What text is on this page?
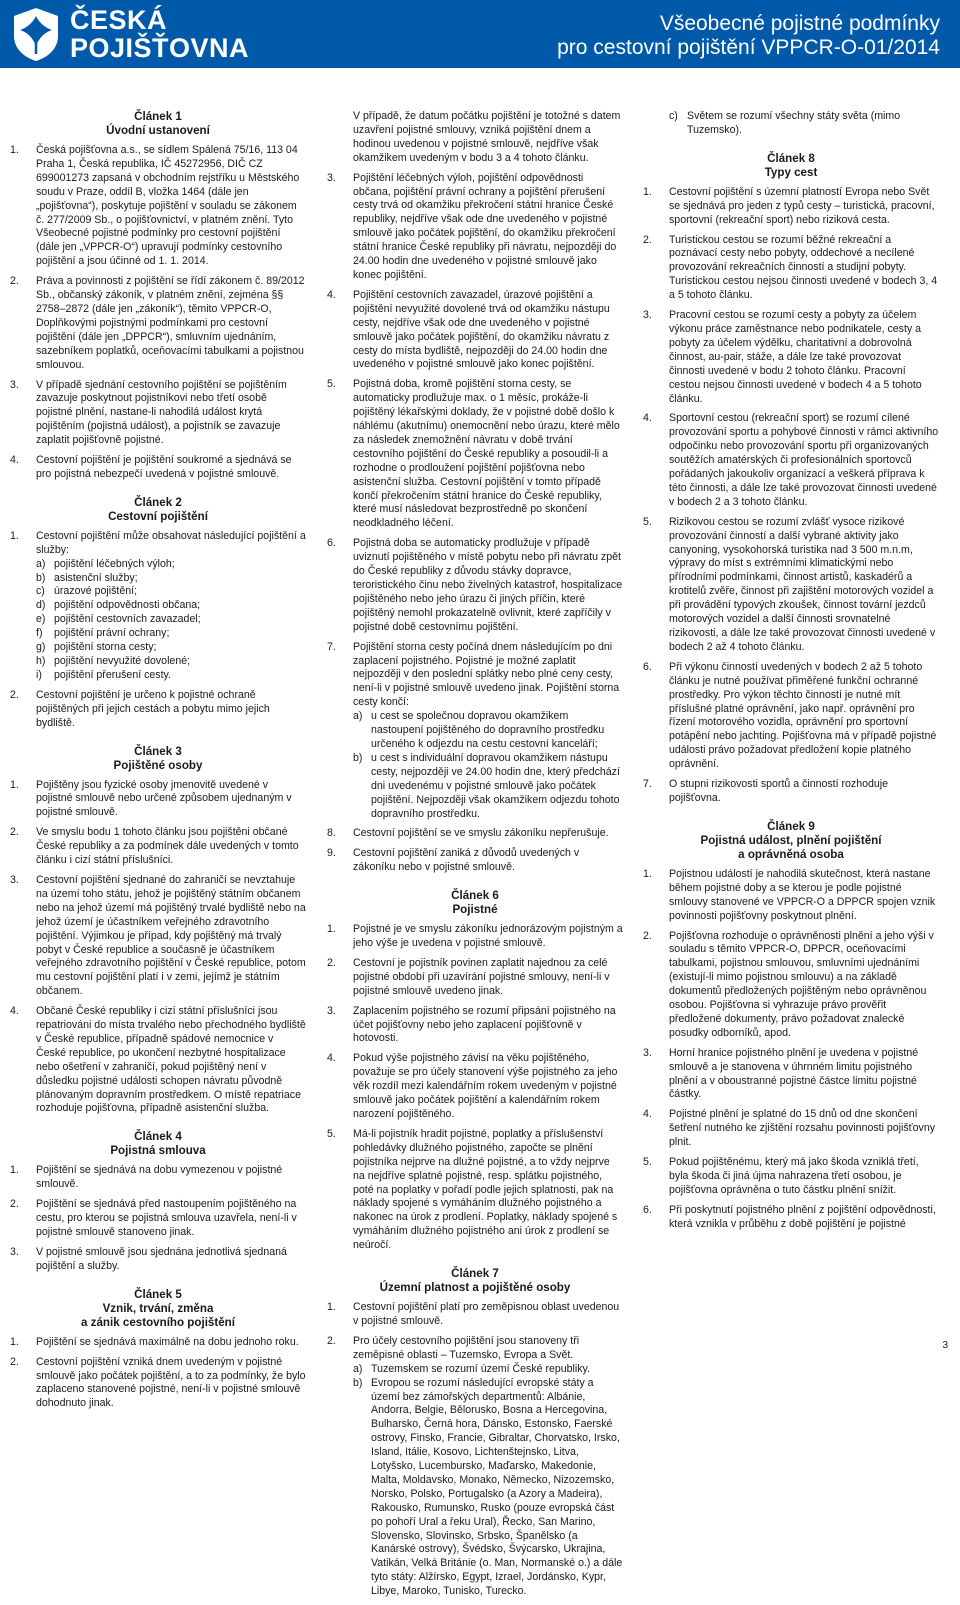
ČESKÁ
POJIŠŤOVNA
Všeobecné pojistné podmínky
pro cestovní pojištění VPPCR-O-01/2014
Článek 1
Úvodní ustanovení
1. Česká pojišťovna a.s., se sídlem Spálená 75/16, 113 04 Praha 1, Česká republika, IČ 45272956, DIČ CZ 699001273 zapsaná v obchodním rejstříku u Městského soudu v Praze, oddíl B, vložka 1464 (dále jen „pojišťovna“), poskytuje pojištění v souladu se zákonem č. 277/2009 Sb., o pojišťovnictví, v platném znění. Tyto Všeobecné pojistné podmínky pro cestovní pojištění (dále jen „VPPCR-O“) upravují podmínky cestovního pojištění a jsou účinné od 1. 1. 2014.
2. Práva a povinnosti z pojištění se řídí zákonem č. 89/2012 Sb., občanský zákoník, v platném znění, zejména §§ 2758–2872 (dále jen „zákoník“), těmito VPPCR-O, Doplňkovými pojistnými podmínkami pro cestovní pojištění (dále jen „DPPCR“), smluvním ujednáním, sazebníkem poplatků, oceňovacími tabulkami a pojistnou smlouvou.
3. V případě sjednání cestovního pojištění se pojištěním zavazuje poskytnout pojistníkovi nebo třetí osobě pojistné plnění, nastane-li nahodilá událost krytá pojištěním (pojistná událost), a pojistník se zavazuje zaplatit pojišťovně pojistné.
4. Cestovní pojištění je pojištění soukromé a sjednává se pro pojistná nebezpečí uvedená v pojistné smlouvě.
Článek 2
Cestovní pojištění
1. Cestovní pojištění může obsahovat následující pojištění a služby:
a) pojištění léčebných výloh;
b) asistenční služby;
c) úrazové pojištění;
d) pojištění odpovědnosti občana;
e) pojištění cestovních zavazadel;
f) pojištění právní ochrany;
g) pojištění storna cesty;
h) pojištění nevyužité dovolené;
i) pojištění přerušení cesty.
2. Cestovní pojištění je určeno k pojistné ochraně pojištěných při jejich cestách a pobytu mimo jejich bydliště.
Článek 3
Pojištěné osoby
1. Pojištěny jsou fyzické osoby jmenovitě uvedené v pojistné smlouvě nebo určené způsobem ujednaným v pojistné smlouvě.
2. Ve smyslu bodu 1 tohoto článku jsou pojištěni občané České republiky a za podmínek dále uvedených v tomto článku i cizí státní příslušníci.
3. Cestovní pojištění sjednané do zahraničí se nevztahuje na území toho státu, jehož je pojištěný státním občanem nebo na jehož území má pojištěný trvalé bydliště nebo na jehož území je účastníkem veřejného zdravotního pojištění. Výjimkou je případ, kdy pojištěný má trvalý pobyt v České republice a současně je účastníkem veřejného zdravotního pojištění v České republice, potom mu cestovní pojištění platí i v zemi, jejímž je státním občanem.
4. Občané České republiky i cizí státní příslušníci jsou repatriováni do místa trvalého nebo přechodného bydliště v České republice, případně spádové nemocnice v České republice, po ukončení nezbytné hospitalizace nebo ošetření v zahraničí, pokud pojištěný není v důsledku pojistné události schopen návratu původně plánovaným dopravním prostředkem. O místě repatriace rozhoduje pojišťovna, případně asistenční služba.
Článek 4
Pojistná smlouva
1. Pojištění se sjednává na dobu vymezenou v pojistné smlouvě.
2. Pojištění se sjednává před nastoupením pojištěného na cestu, pro kterou se pojistná smlouva uzavřela, není-li v pojistné smlouvě stanoveno jinak.
3. V pojistné smlouvě jsou sjednána jednotlivá sjednaná pojištění a služby.
Článek 5
Vznik, trvání, změna
a zánik cestovního pojištění
1. Pojištění se sjednává maximálně na dobu jednoho roku.
2. Cestovní pojištění vzniká dnem uvedeným v pojistné smlouvě jako počátek pojištění, a to za podmínky, že bylo zaplaceno stanovené pojistné, není-li v pojistné smlouvě dohodnuto jinak.
V případě, že datum počátku pojištění je totožné s datem uzavření pojistné smlouvy, vzniká pojištění dnem a hodinou uvedenou v pojistné smlouvě, nejdříve však okamžikem uvedeným v bodu 3 a 4 tohoto článku.
3. Pojištění léčebných výloh, pojištění odpovědnosti občana, pojištění právní ochrany a pojištění přerušení cesty trvá od okamžiku překročení státní hranice České republiky, nejdříve však ode dne uvedeného v pojistné smlouvě jako počátek pojištění, do okamžiku překročení státní hranice České republiky při návratu, nejpozději do 24.00 hodin dne uvedeného v pojistné smlouvě jako konec pojištění.
4. Pojištění cestovních zavazadel, úrazové pojištění a pojištění nevyužité dovolené trvá od okamžiku nástupu cesty, nejdříve však ode dne uvedeného v pojistné smlouvě jako počátek pojištění, do okamžiku návratu z cesty do místa bydliště, nejpozději do 24.00 hodin dne uvedeného v pojistné smlouvě jako konec pojištění.
5. Pojistná doba, kromě pojištění storna cesty, se automaticky prodlužuje max. o 1 měsíc, prokáže-li pojištěný lékařskými doklady, že v pojistné době došlo k náhlému (akutnímu) onemocnění nebo úrazu, které mělo za následek znemožnění návratu v době trvání cestovního pojištění do České republiky a posoudil-li a rozhodne o prodloužení pojištění pojišťovna nebo asistenční služba. Cestovní pojištění v tomto případě končí překročením státní hranice do České republiky, které musí následovat bezprostředně po skončení neodkladného léčení.
6. Pojistná doba se automaticky prodlužuje v případě uviznutí pojištěného v místě pobytu nebo při návratu zpět do České republiky z důvodu stávky dopravce, teroristického činu nebo živelných katastrof, hospitalizace pojištěného nebo jeho úrazu či jiných příčin, které pojištěný nemohl prokazatelně ovlivnit, které zapříčily v pojistné době cestovnímu pojištění.
7. Pojištění storna cesty počíná dnem následujícím po dni zaplacení pojistného. Pojistné je možné zaplatit nejpozději v den poslední splátky nebo plné ceny cesty, není-li v pojistné smlouvě uvedeno jinak. Pojištění storna cesty končí:
a) u cest se společnou dopravou okamžikem nastoupení pojištěného do dopravního prostředku určeného k odjezdu na cestu cestovní kanceláří;
b) u cest s individuální dopravou okamžikem nástupu cesty, nejpozději ve 24.00 hodin dne, který předchází dni uvedenému v pojistné smlouvě jako počátek pojištění. Nejpozději však okamžikem odjezdu tohoto dopravního prostředku.
8. Cestovní pojištění se ve smyslu zákoníku nepřerušuje.
9. Cestovní pojištění zaniká z důvodů uvedených v zákoníku nebo v pojistné smlouvě.
Článek 6
Pojistné
1. Pojistné je ve smyslu zákoníku jednorázovým pojistným a jeho výše je uvedena v pojistné smlouvě.
2. Cestovní je pojistník povinen zaplatit najednou za celé pojistné období při uzavírání pojistné smlouvy, není-li v pojistné smlouvě uvedeno jinak.
3. Zaplacením pojistného se rozumí připsání pojistného na účet pojišťovny nebo jeho zaplacení pojišťovně v hotovosti.
4. Pokud výše pojistného závisí na věku pojištěného, považuje se pro účely stanovení výše pojistného za jeho věk rozdíl mezi kalendářním rokem uvedeným v pojistné smlouvě jako počátek pojištění a kalendářním rokem narození pojištěného.
5. Má-li pojistník hradit pojistné, poplatky a příslušenství pohledávky dlužného pojistného, započte se plnění pojistníka nejprve na dlužné pojistné, a to vždy nejprve na nejdříve splatné pojistné, resp. splátku pojistného, poté na poplatky v pořadí podle jejich splatnosti, pak na náklady spojené s vymáháním dlužného pojistného a nakonec na úrok z prodlení. Poplatky, náklady spojené s vymáháním dlužného pojistného ani úrok z prodlení se neúročí.
Článek 7
Územní platnost a pojištěné osoby
1. Cestovní pojištění platí pro zeměpisnou oblast uvedenou v pojistné smlouvě.
2. Pro účely cestovního pojištění jsou stanoveny tři zeměpisné oblasti – Tuzemsko, Evropa a Svět.
a) Tuzemskem se rozumí území České republiky.
b) Evropou se rozumí následující evropské státy a území bez zámořských departmentů: Albánie, Andorra, Belgie, Bělorusko, Bosna a Hercegovina, Bulharsko, Černá hora, Dánsko, Estonsko, Faerské ostrovy, Finsko, Francie, Gibraltar, Chorvatsko, Irsko, Island, Itálie, Kosovo, Lichtenštejnsko, Litva, Lotyšsko, Lucembursko, Maďarsko, Makedonie, Malta, Moldavsko, Monako, Německo, Nizozemsko, Norsko, Polsko, Portugalsko (a Azory a Madeira), Rakousko, Rumunsko, Rusko (pouze evropská část po pohoří Ural a řeku Ural), Řecko, San Marino, Slovensko, Slovinsko, Srbsko, Španělsko (a Kanárské ostrovy), Švédsko, Švýcarsko, Ukrajina, Vatikán, Velká Británie (o. Man, Normanské o.) a dále tyto státy: Alžírsko, Egypt, Izrael, Jordánsko, Kypr, Libye, Maroko, Tunisko, Turecko.
c) Světem se rozumí všechny státy světa (mimo Tuzemsko).
Článek 8
Typy cest
1. Cestovní pojištění s územní platností Evropa nebo Svět se sjednává pro jeden z typů cesty – turistická, pracovní, sportovní (rekreační sport) nebo riziková cesta.
2. Turistickou cestou se rozumí běžné rekreační a poznávací cesty nebo pobyty, oddechové a necílené provozování rekreačních činností a studijní pobyty. Turistickou cestou nejsou činnosti uvedené v bodech 3, 4 a 5 tohoto článku.
3. Pracovní cestou se rozumí cesty a pobyty za účelem výkonu práce zaměstnance nebo podnikatele, cesty a pobyty za účelem výdělku, charitativní a dobrovolná činnost, au-pair, stáže, a dále lze také provozovat činnosti uvedené v bodu 2 tohoto článku. Pracovní cestou nejsou činnosti uvedené v bodech 4 a 5 tohoto článku.
4. Sportovní cestou (rekreační sport) se rozumí cílené provozování sportu a pohybové činnosti v rámci aktivního odpočinku nebo provozování sportu při organizovaných soutěžích amatérských či profesionálních sportovců pořádaných jakoukoliv organizací a veškerá příprava k této činnosti, a dále lze také provozovat činnosti uvedené v bodech 2 a 3 tohoto článku.
5. Rizikovou cestou se rozumí zvlášť vysoce rizikové provozování činností a další vybrané aktivity jako canyoning, vysokohorská turistika nad 3 500 m.n.m, výpravy do míst s extrémními klimatickými nebo přírodními podmínkami, činnost artistů, kaskadérů a krotitelů zvěře, činnost při zajištění motorových vozidel a při provádění typových zkoušek, činnost tovární jezdců motorových vozidel a další činnosti srovnatelné rizikovosti, a dále lze také provozovat činnosti uvedené v bodech 2 až 4 tohoto článku.
6. Při výkonu činností uvedených v bodech 2 až 5 tohoto článku je nutné používat přiměřené funkční ochranné prostředky. Pro výkon těchto činností je nutné mít příslušné platné oprávnění, jako např. oprávnění pro řízení motorového vozidla, oprávnění pro sportovní potápění nebo jachting. Pojišťovna má v případě pojistné události právo požadovat předložení kopie platného oprávnění.
7. O stupni rizikovosti sportů a činností rozhoduje pojišťovna.
Článek 9
Pojistná událost, plnění pojištění
a oprávněná osoba
1. Pojistnou událostí je nahodilá skutečnost, která nastane během pojistné doby a se kterou je podle pojistné smlouvy stanovené ve VPPCR-O a DPPCR spojen vznik povinnosti pojišťovny poskytnout plnění.
2. Pojišťovna rozhoduje o oprávněnosti plnění a jeho výši v souladu s těmito VPPCR-O, DPPCR, oceňovacími tabulkami, pojistnou smlouvou, smluvními ujednáními (existují-li mimo pojistnou smlouvu) a na základě dokumentů předložených pojištěným nebo oprávněnou osobou. Pojišťovna si vyhrazuje právo prověřit předložené dokumenty, právo požadovat znalecké posudky odborníků, apod.
3. Horní hranice pojistného plnění je uvedena v pojistné smlouvě a je stanovena v úhrnném limitu pojistného plnění a v oboustranné pojistné částce limitu pojistné částky.
4. Pojistné plnění je splatné do 15 dnů od dne skončení šetření nutného ke zjištění rozsahu povinnosti pojišťovny plnit.
5. Pokud pojištěnému, který má jako škoda vzniklá třetí, byla škoda či jiná újma nahrazena třetí osobou, je pojišťovna oprávněna o tuto částku plnění snížit.
6. Při poskytnutí pojistného plnění z pojištění odpovědnosti, která vznikla v průběhu z době pojištění je pojistné
3
